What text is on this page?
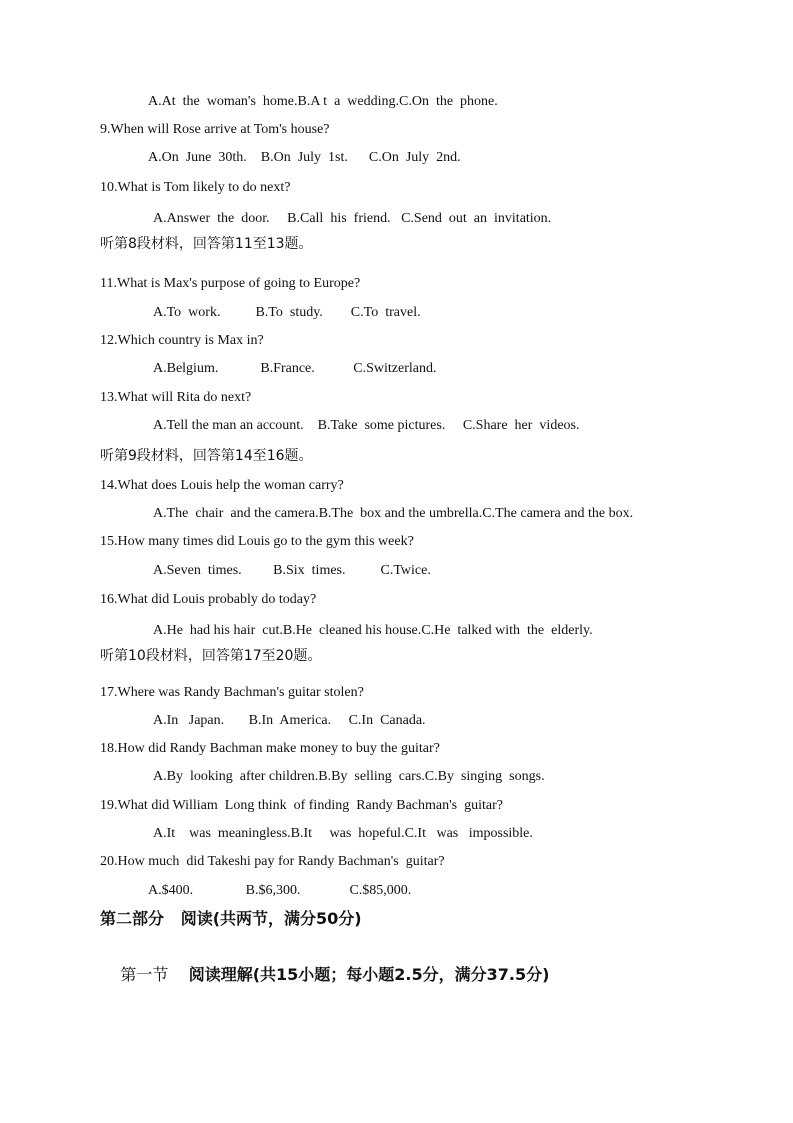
A.At  the  woman's  home.B.A t  a  wedding.C.On  the  phone.
9.When will Rose arrive at Tom's house?
A.On  June  30th.    B.On  July  1st.      C.On  July  2nd.
10.What is Tom likely to do next?
A.Answer  the  door.     B.Call  his  friend.   C.Send  out  an  invitation.
听第8段材料，回答第11至13题。
11.What is Max's purpose of going to Europe?
A.To  work.          B.To  study.        C.To  travel.
12.Which country is Max in?
A.Belgium.            B.France.           C.Switzerland.
13.What will Rita do next?
A.Tell the man an account.    B.Take  some pictures.     C.Share  her  videos.
听第9段材料，回答第14至16题。
14.What does Louis help the woman carry?
A.The  chair  and the camera.B.The  box and the umbrella.C.The camera and the box.
15.How many times did Louis go to the gym this week?
A.Seven  times.         B.Six  times.          C.Twice.
16.What did Louis probably do today?
A.He  had his hair  cut.B.He  cleaned his house.C.He  talked with  the  elderly.
听第10段材料，回答第17至20题。
17.Where was Randy Bachman's guitar stolen?
A.In   Japan.       B.In  America.     C.In  Canada.
18.How did Randy Bachman make money to buy the guitar?
A.By  looking  after children.B.By  selling  cars.C.By  singing  songs.
19.What did William  Long think  of finding  Randy Bachman's  guitar?
A.It    was  meaningless.B.It     was  hopeful.C.It   was   impossible.
20.How much  did Takeshi pay for Randy Bachman's  guitar?
A.$400.               B.$6,300.              C.$85,000.
第二部分   阅读(共两节，满分50分)

第一节 阅读理解(共15小题；每小题2.5分，满分37.5分)
